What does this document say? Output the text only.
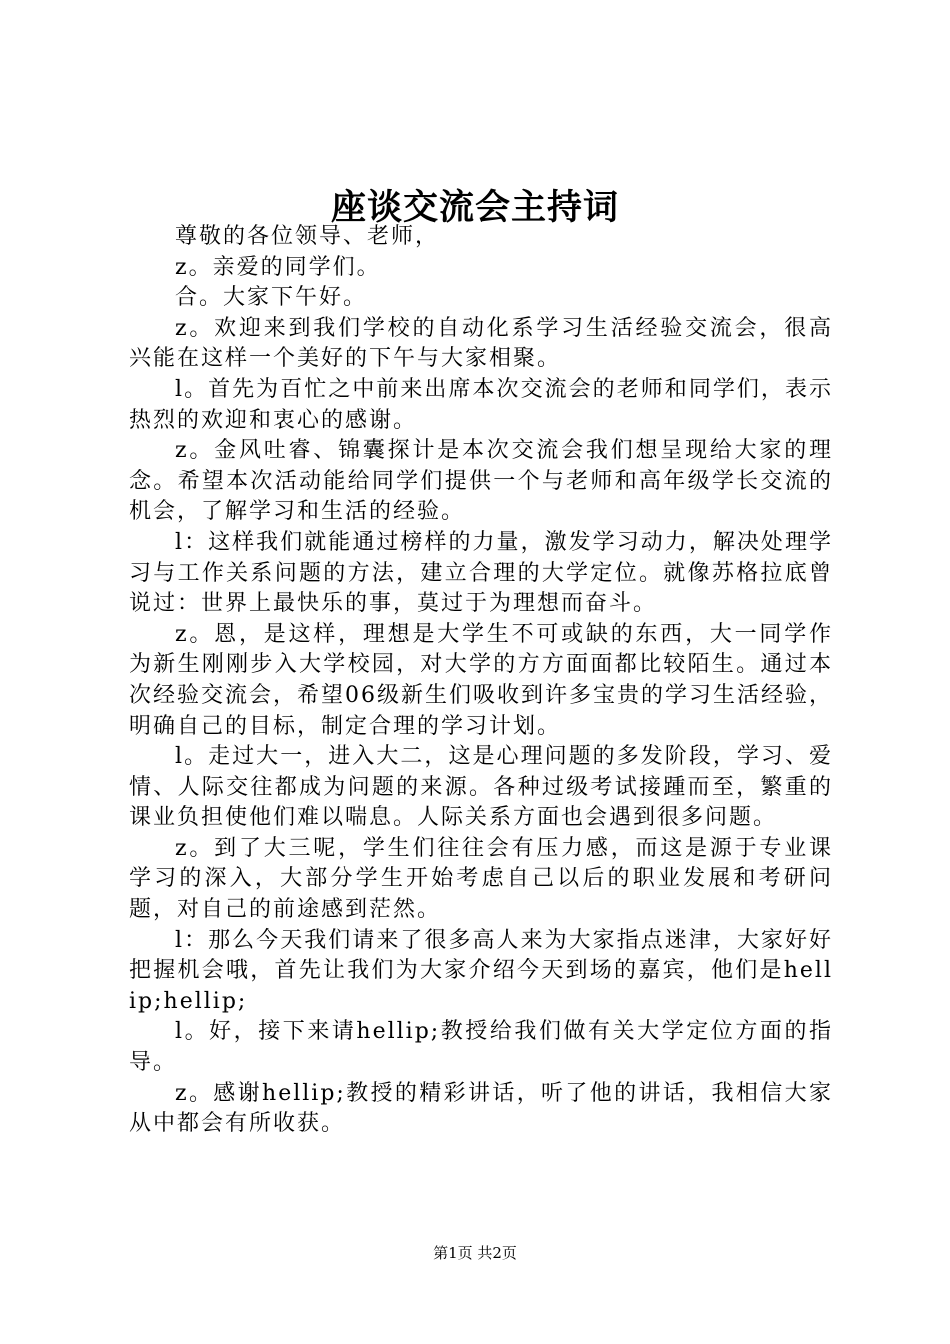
座谈交流会主持词

尊敬的各位领导、老师，

z。亲爱的同学们。

合。大家下午好。

z。欢迎来到我们学校的自动化系学习生活经验交流会，很高兴能在这样一个美好的下午与大家相聚。

l。首先为百忙之中前来出席本次交流会的老师和同学们，表示热烈的欢迎和衷心的感谢。

z。金风吐睿、锦囊探计是本次交流会我们想呈现给大家的理念。希望本次活动能给同学们提供一个与老师和高年级学长交流的机会，了解学习和生活的经验。

l：这样我们就能通过榜样的力量，激发学习动力，解决处理学习与工作关系问题的方法，建立合理的大学定位。就像苏格拉底曾说过：世界上最快乐的事，莫过于为理想而奋斗。

z。恩，是这样，理想是大学生不可或缺的东西，大一同学作为新生刚刚步入大学校园，对大学的方方面面都比较陌生。通过本次经验交流会，希望06级新生们吸收到许多宝贵的学习生活经验，明确自己的目标，制定合理的学习计划。

l。走过大一，进入大二，这是心理问题的多发阶段，学习、爱情、人际交往都成为问题的来源。各种过级考试接踵而至，繁重的课业负担使他们难以喘息。人际关系方面也会遇到很多问题。

z。到了大三呢，学生们往往会有压力感，而这是源于专业课学习的深入，大部分学生开始考虑自己以后的职业发展和考研问题，对自己的前途感到茫然。

l：那么今天我们请来了很多高人来为大家指点迷津，大家好好把握机会哦，首先让我们为大家介绍今天到场的嘉宾，他们是hellip;hellip;

l。好，接下来请hellip;教授给我们做有关大学定位方面的指导。

z。感谢hellip;教授的精彩讲话，听了他的讲话，我相信大家从中都会有所收获。

第1页 共2页
